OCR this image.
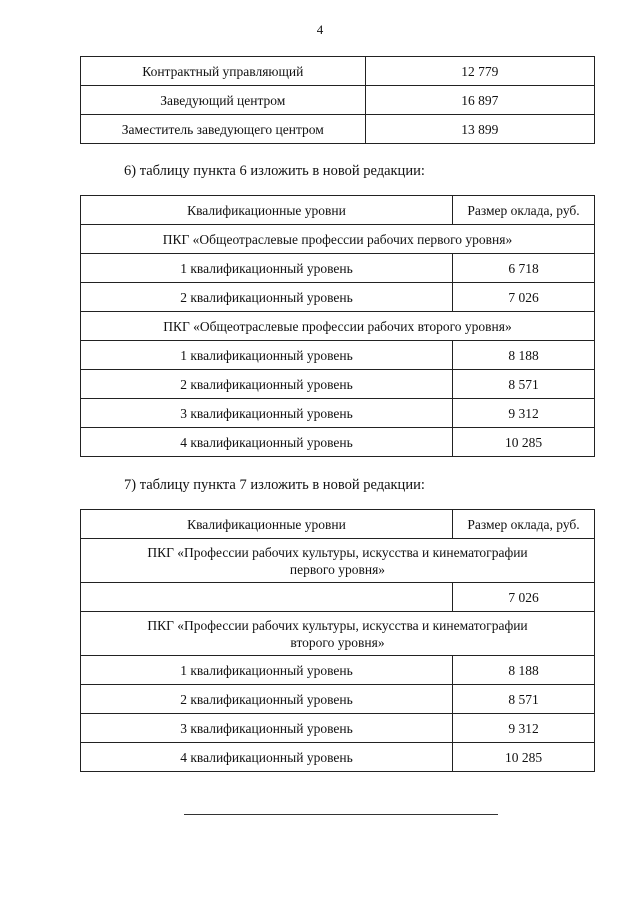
4
Контрактный управляющий	12 779
Заведующий центром	16 897
Заместитель заведующего центром	13 899
6) таблицу пункта 6 изложить в новой редакции:
Квалификационные уровни	Размер оклада, руб.
ПКГ «Общеотраслевые профессии рабочих первого уровня»	
1 квалификационный уровень	6 718
2 квалификационный уровень	7 026
ПКГ «Общеотраслевые профессии рабочих второго уровня»	
1 квалификационный уровень	8 188
2 квалификационный уровень	8 571
3 квалификационный уровень	9 312
4 квалификационный уровень	10 285
7) таблицу пункта 7 изложить в новой редакции:
Квалификационные уровни	Размер оклада, руб.

ПКГ «Профессии рабочих культуры, искусства и кинематографии
первого уровня»	

	7 026

ПКГ «Профессии рабочих культуры, искусства и кинематографии
второго уровня»	

1 квалификационный уровень	8 188
2 квалификационный уровень	8 571
3 квалификационный уровень	9 312
4 квалификационный уровень	10 285
